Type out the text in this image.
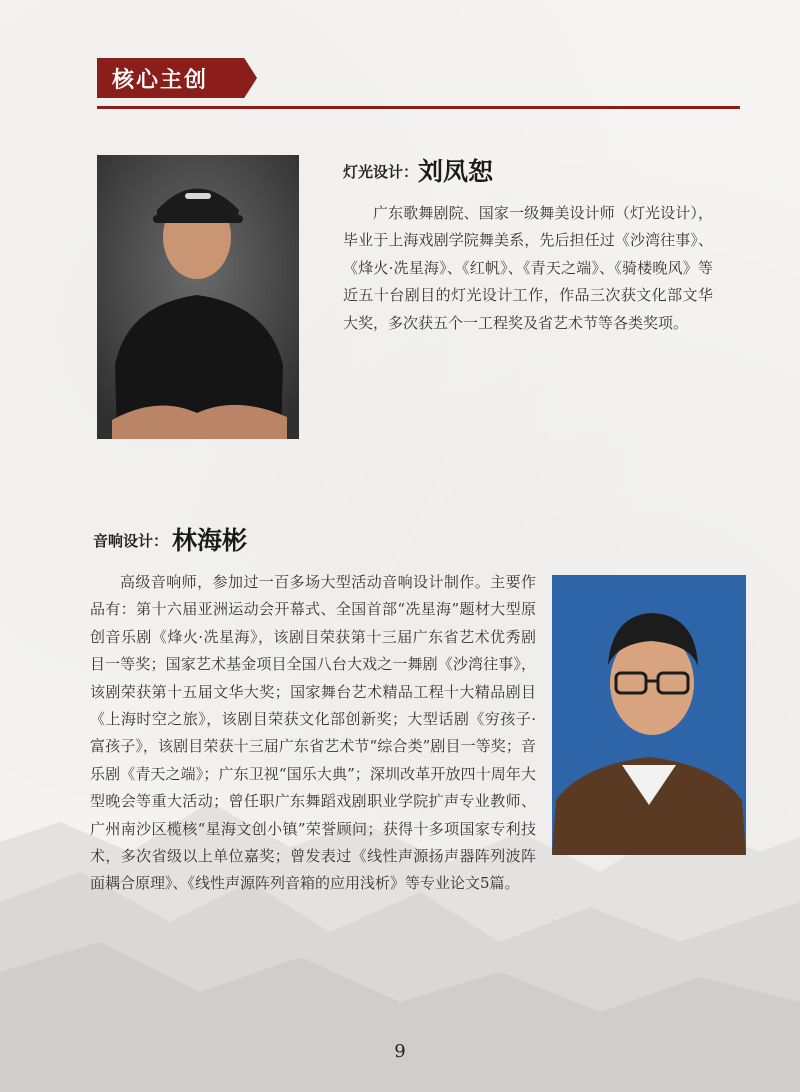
核心主创
灯光设计： 刘凤恕

广东歌舞剧院、国家一级舞美设计师（灯光设计），毕业于上海戏剧学院舞美系，先后担任过《沙湾往事》、《烽火·冼星海》、《红帆》、《青天之端》、《骑楼晚风》等近五十台剧目的灯光设计工作，作品三次获文化部文华大奖，多次获五个一工程奖及省艺术节等各类奖项。

音响设计： 林海彬

高级音响师，参加过一百多场大型活动音响设计制作。主要作品有：第十六届亚洲运动会开幕式、全国首部“冼星海”题材大型原创音乐剧《烽火·冼星海》，该剧目荣获第十三届广东省艺术优秀剧目一等奖；国家艺术基金项目全国八台大戏之一舞剧《沙湾往事》，该剧荣获第十五届文华大奖；国家舞台艺术精品工程十大精品剧目《上海时空之旅》，该剧目荣获文化部创新奖；大型话剧《穷孩子·富孩子》，该剧目荣获十三届广东省艺术节“综合类”剧目一等奖；音乐剧《青天之端》；广东卫视“国乐大典”；深圳改革开放四十周年大型晚会等重大活动；曾任职广东舞蹈戏剧职业学院扩声专业教师、广州南沙区榄核“星海文创小镇”荣誉顾问；获得十多项国家专利技术，多次省级以上单位嘉奖；曾发表过《线性声源扬声器阵列波阵面耦合原理》、《线性声源阵列音箱的应用浅析》等专业论文5篇。

9
